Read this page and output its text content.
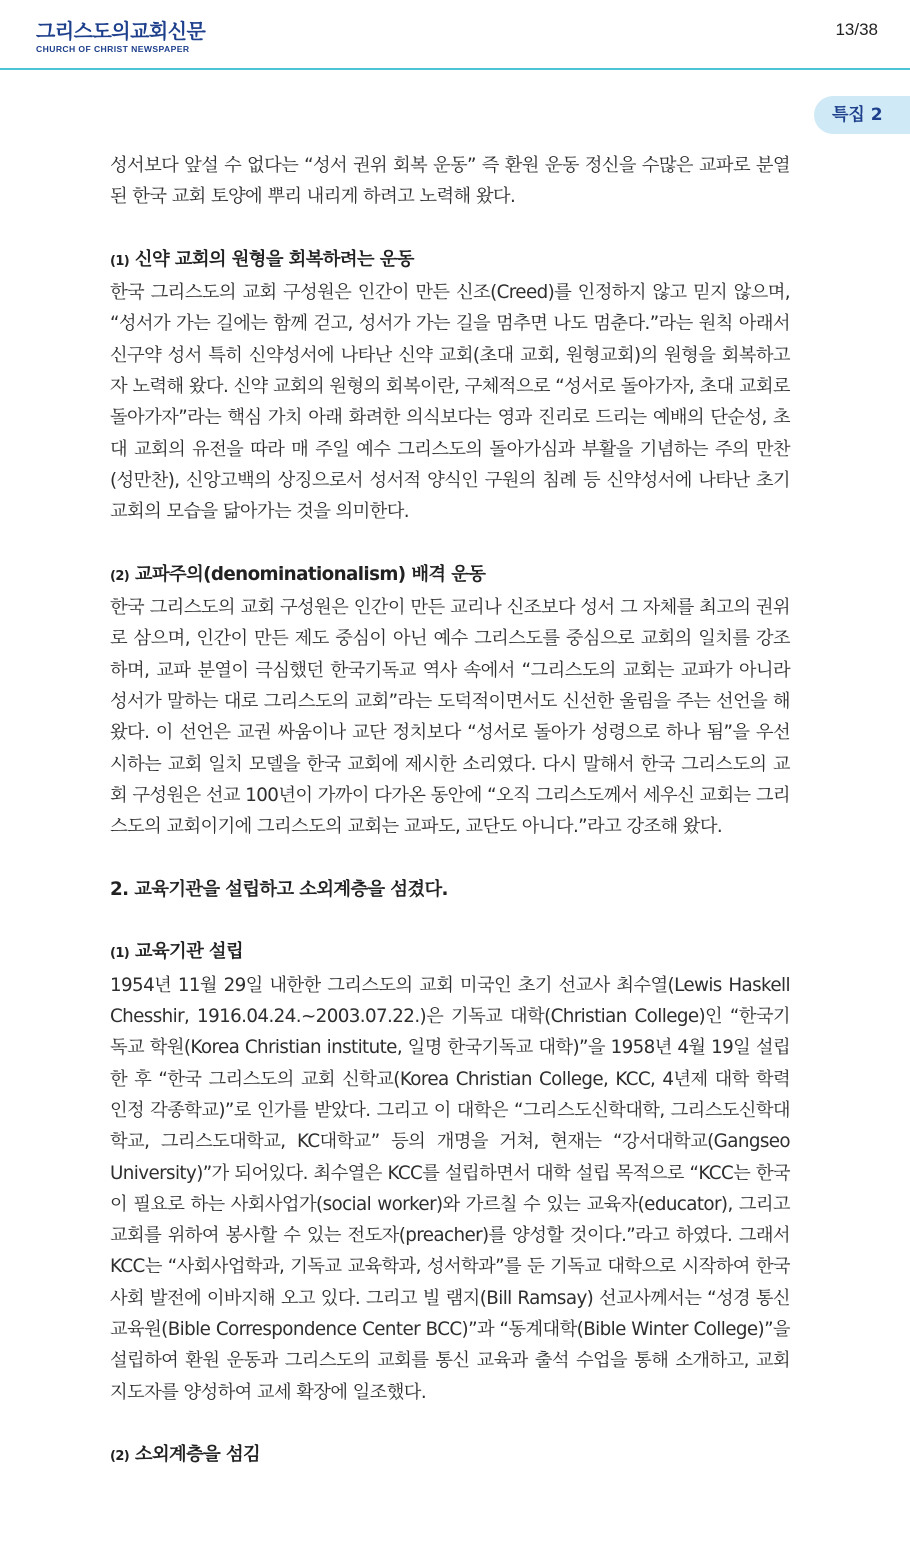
그리스도의교회신문
CHURCH OF CHRIST NEWSPAPER
13/38
특집 2

성서보다 앞설 수 없다는 “성서 권위 회복 운동” 즉 환원 운동 정신을 수많은 교파로 분열된 한국 교회 토양에 뿌리 내리게 하려고 노력해 왔다.

(1) 신약 교회의 원형을 회복하려는 운동

한국 그리스도의 교회 구성원은 인간이 만든 신조(Creed)를 인정하지 않고 믿지 않으며, “성서가 가는 길에는 함께 걷고, 성서가 가는 길을 멈추면 나도 멈춘다.”라는 원칙 아래서 신구약 성서 특히 신약성서에 나타난 신약 교회(초대 교회, 원형교회)의 원형을 회복하고자 노력해 왔다. 신약 교회의 원형의 회복이란, 구체적으로 “성서로 돌아가자, 초대 교회로 돌아가자”라는 핵심 가치 아래 화려한 의식보다는 영과 진리로 드리는 예배의 단순성, 초대 교회의 유전을 따라 매 주일 예수 그리스도의 돌아가심과 부활을 기념하는 주의 만찬(성만찬), 신앙고백의 상징으로서 성서적 양식인 구원의 침례 등 신약성서에 나타난 초기 교회의 모습을 닮아가는 것을 의미한다.

(2) 교파주의(denominationalism) 배격 운동

한국 그리스도의 교회 구성원은 인간이 만든 교리나 신조보다 성서 그 자체를 최고의 권위로 삼으며, 인간이 만든 제도 중심이 아닌 예수 그리스도를 중심으로 교회의 일치를 강조하며, 교파 분열이 극심했던 한국기독교 역사 속에서 “그리스도의 교회는 교파가 아니라 성서가 말하는 대로 그리스도의 교회”라는 도덕적이면서도 신선한 울림을 주는 선언을 해왔다. 이 선언은 교권 싸움이나 교단 정치보다 “성서로 돌아가 성령으로 하나 됨”을 우선시하는 교회 일치 모델을 한국 교회에 제시한 소리였다. 다시 말해서 한국 그리스도의 교회 구성원은 선교 100년이 가까이 다가온 동안에 “오직 그리스도께서 세우신 교회는 그리스도의 교회이기에 그리스도의 교회는 교파도, 교단도 아니다.”라고 강조해 왔다.

2. 교육기관을 설립하고 소외계층을 섬겼다.

(1) 교육기관 설립

1954년 11월 29일 내한한 그리스도의 교회 미국인 초기 선교사 최수열(Lewis Haskell Chesshir, 1916.04.24.~2003.07.22.)은 기독교 대학(Christian College)인 “한국기독교 학원(Korea Christian institute, 일명 한국기독교 대학)”을 1958년 4월 19일 설립한 후 “한국 그리스도의 교회 신학교(Korea Christian College, KCC, 4년제 대학 학력 인정 각종학교)”로 인가를 받았다. 그리고 이 대학은 “그리스도신학대학, 그리스도신학대학교, 그리스도대학교, KC대학교” 등의 개명을 거쳐, 현재는 “강서대학교(Gangseo University)”가 되어있다. 최수열은 KCC를 설립하면서 대학 설립 목적으로 “KCC는 한국이 필요로 하는 사회사업가(social worker)와 가르칠 수 있는 교육자(educator), 그리고 교회를 위하여 봉사할 수 있는 전도자(preacher)를 양성할 것이다.”라고 하였다. 그래서 KCC는 “사회사업학과, 기독교 교육학과, 성서학과”를 둔 기독교 대학으로 시작하여 한국 사회 발전에 이바지해 오고 있다. 그리고 빌 램지(Bill Ramsay) 선교사께서는 “성경 통신교육원(Bible Correspondence Center BCC)”과 “동계대학(Bible Winter College)”을 설립하여 환원 운동과 그리스도의 교회를 통신 교육과 출석 수업을 통해 소개하고, 교회 지도자를 양성하여 교세 확장에 일조했다.

(2) 소외계층을 섬김
